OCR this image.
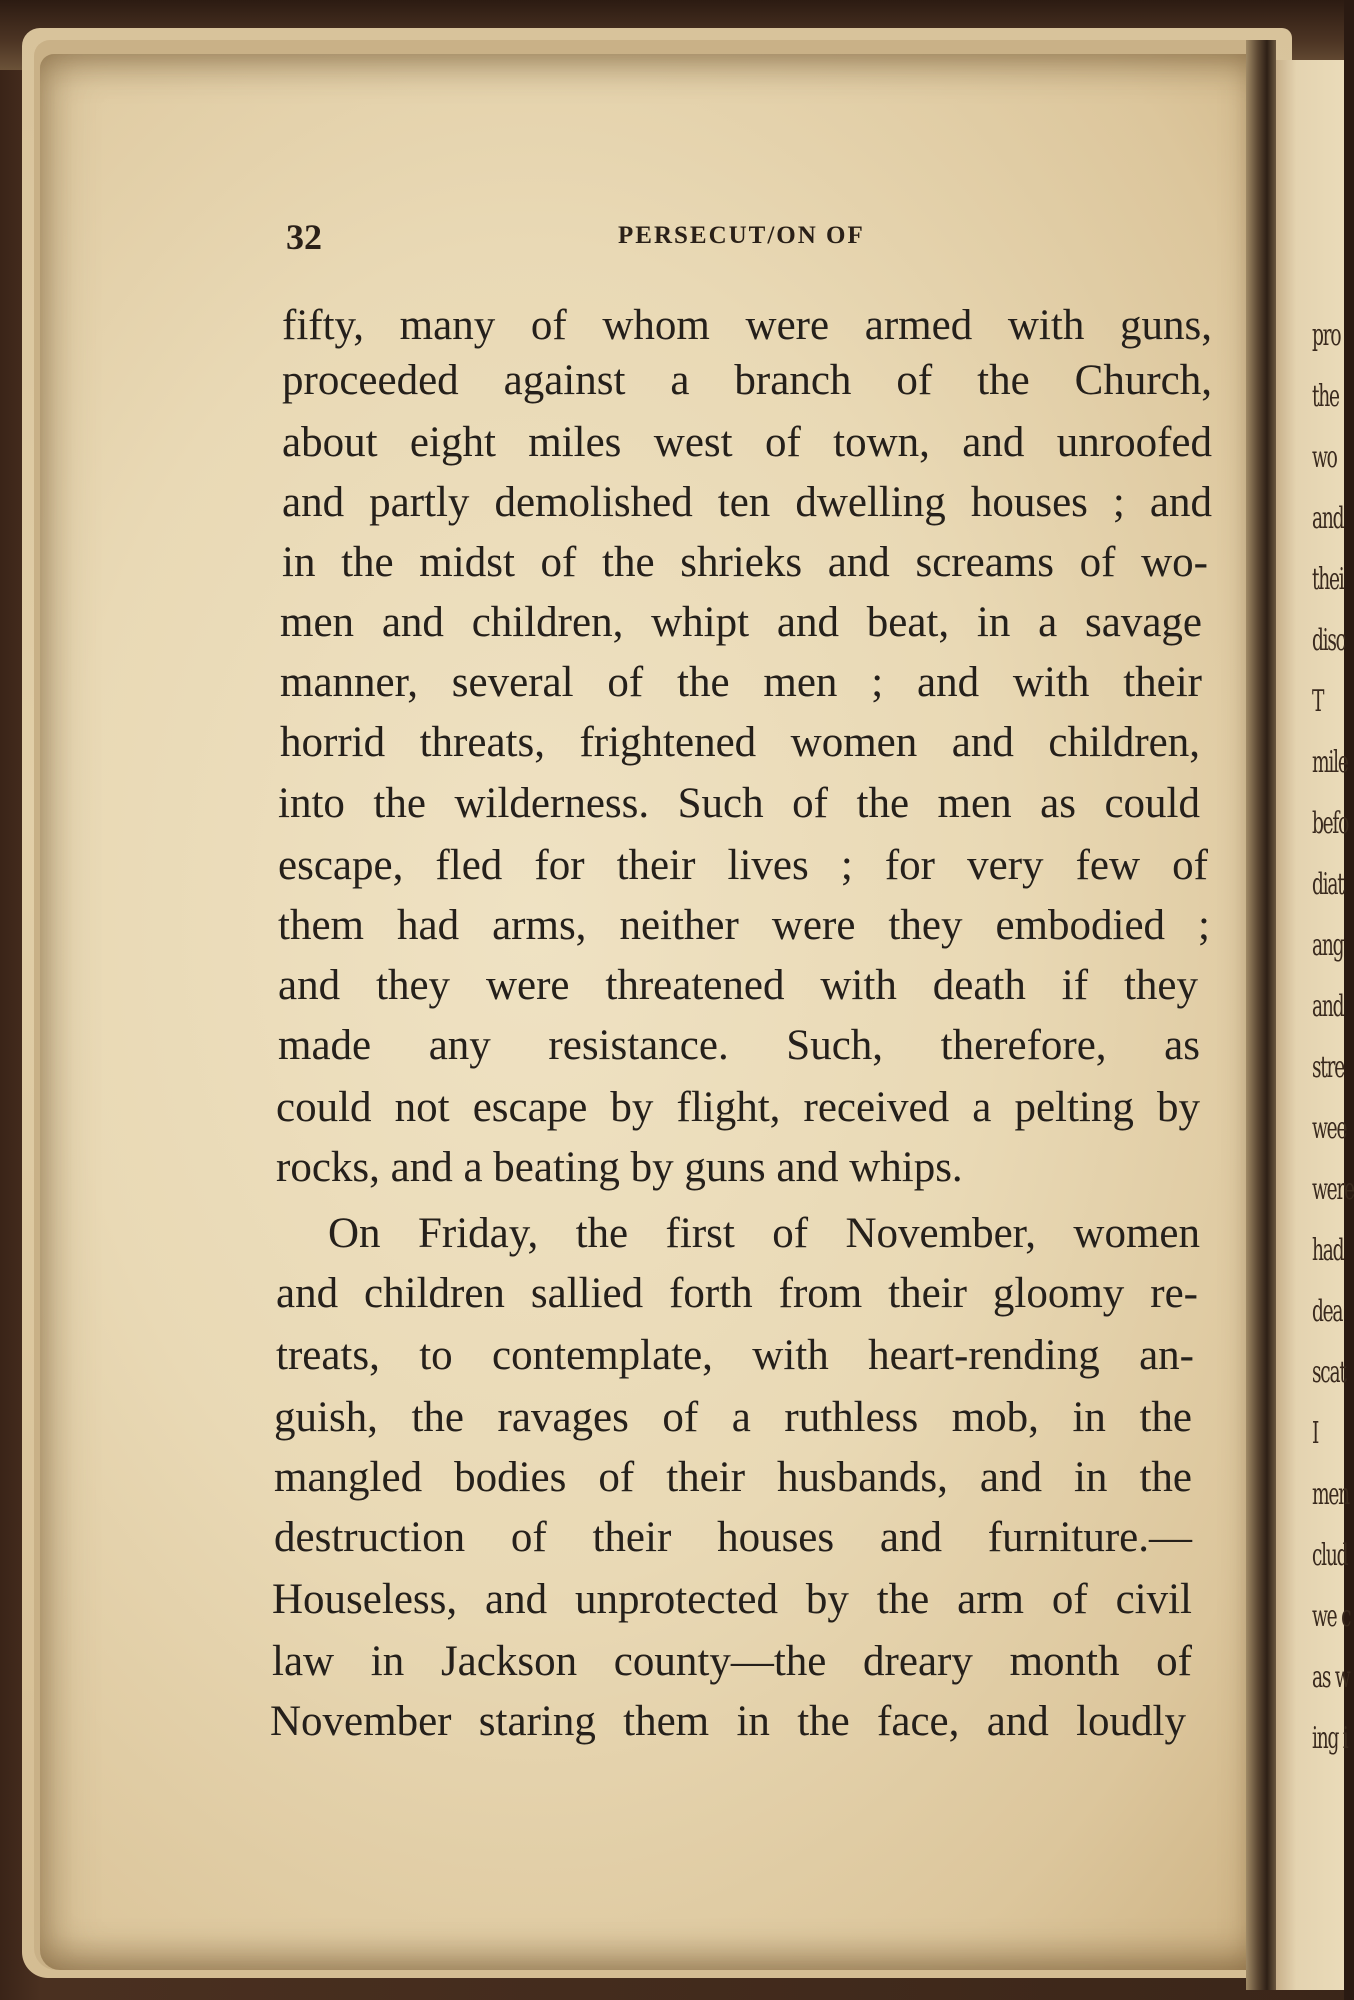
pro
the
wo
and
thei
disc
T
mile
befo
diat
ang
and
stre
wee
were
had
dea
scat
I
men
clud
we c
as w
ing i
32	PERSECUT/ON OF
fifty, many of whom were armed with guns,
proceeded against a branch of the Church,
about eight miles west of town, and unroofed
and partly demolished ten dwelling houses ; and
in the midst of the shrieks and screams of wo-
men and children, whipt and beat, in a savage
manner, several of the men ; and with their
horrid threats, frightened women and children,
into the wilderness. Such of the men as could
escape, fled for their lives ; for very few of
them had arms, neither were they embodied ;
and they were threatened with death if they
made any resistance. Such, therefore, as
could not escape by flight, received a pelting by
rocks, and a beating by guns and whips.
On Friday, the first of November, women
and children sallied forth from their gloomy re-
treats, to contemplate, with heart-rending an-
guish, the ravages of a ruthless mob, in the
mangled bodies of their husbands, and in the
destruction of their houses and furniture.—
Houseless, and unprotected by the arm of civil
law in Jackson county—the dreary month of
November staring them in the face, and loudly
